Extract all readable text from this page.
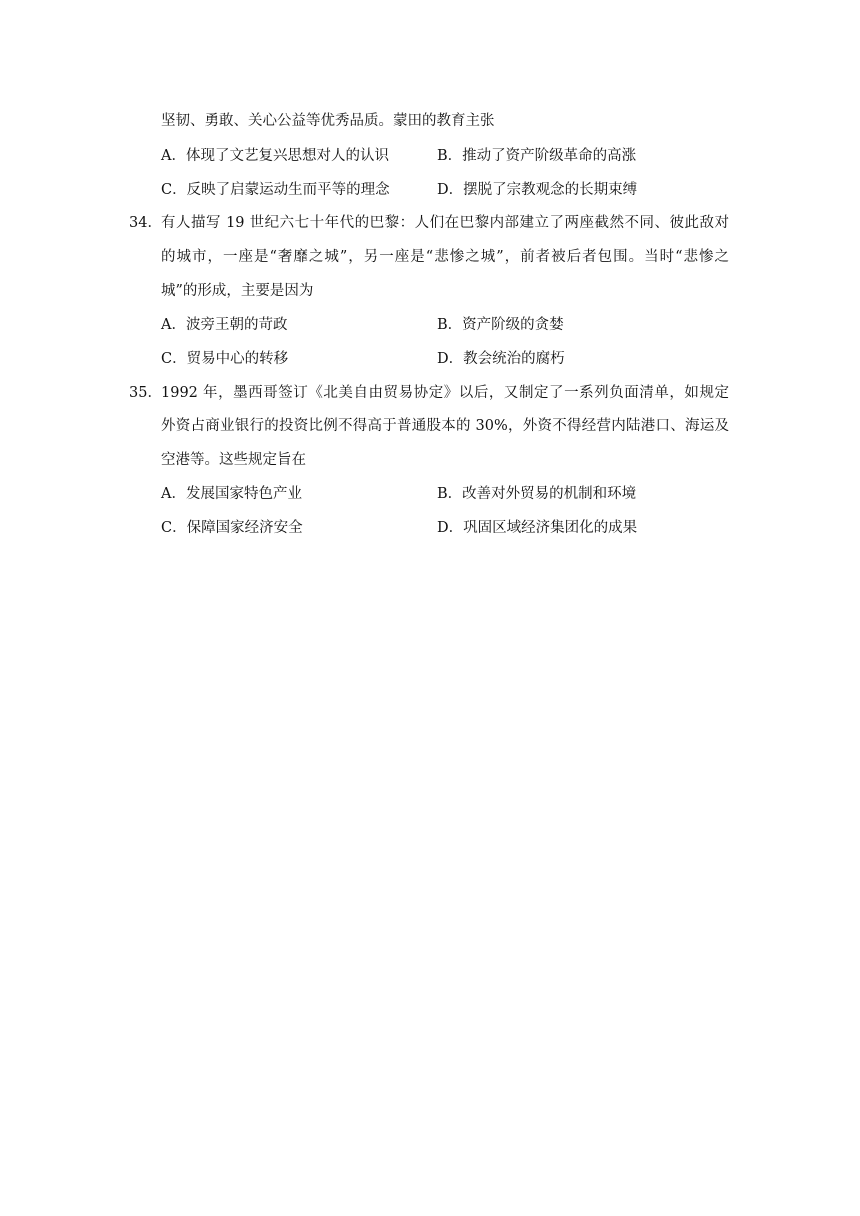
坚韧、勇敢、关心公益等优秀品质。蒙田的教育主张
A．体现了文艺复兴思想对人的认识	B．推动了资产阶级革命的高涨
C．反映了启蒙运动生而平等的理念	D．摆脱了宗教观念的长期束缚
34． 有人描写 19 世纪六七十年代的巴黎：人们在巴黎内部建立了两座截然不同、彼此敌对
的城市，一座是“奢靡之城”，另一座是“悲惨之城”，前者被后者包围。当时“悲惨之
城”的形成，主要是因为
A．波旁王朝的苛政	B．资产阶级的贪婪
C．贸易中心的转移	D．教会统治的腐朽
35． 1992 年，墨西哥签订《北美自由贸易协定》以后，又制定了一系列负面清单，如规定
外资占商业银行的投资比例不得高于普通股本的 30%，外资不得经营内陆港口、海运及
空港等。这些规定旨在
A．发展国家特色产业	B．改善对外贸易的机制和环境
C．保障国家经济安全	D．巩固区域经济集团化的成果
